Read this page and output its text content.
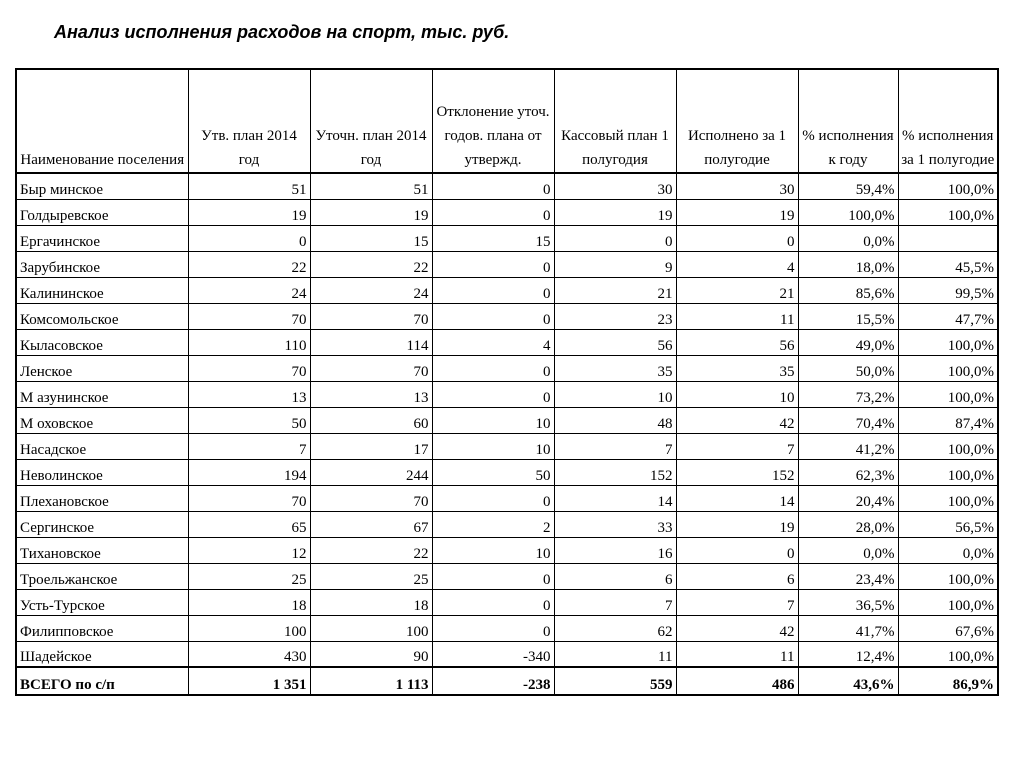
Анализ исполнения расходов на спорт, тыс. руб.
Наименование поселения	Утв. план 2014 год	Уточн. план 2014 год	Отклонение уточ. годов. плана от утвержд.	Кассовый план 1 полугодия	Исполнено за 1 полугодие	% исполнения к году	% исполнения за 1 полугодие
Быр минское	51	51	0	30	30	59,4%	100,0%
Голдыревское	19	19	0	19	19	100,0%	100,0%
Ергачинское	0	15	15	0	0	0,0%	
Зарубинское	22	22	0	9	4	18,0%	45,5%
Калининское	24	24	0	21	21	85,6%	99,5%
Комсомольское	70	70	0	23	11	15,5%	47,7%
Кыласовское	110	114	4	56	56	49,0%	100,0%
Ленское	70	70	0	35	35	50,0%	100,0%
М азунинское	13	13	0	10	10	73,2%	100,0%
М оховское	50	60	10	48	42	70,4%	87,4%
Насадское	7	17	10	7	7	41,2%	100,0%
Неволинское	194	244	50	152	152	62,3%	100,0%
Плехановское	70	70	0	14	14	20,4%	100,0%
Сергинское	65	67	2	33	19	28,0%	56,5%
Тихановское	12	22	10	16	0	0,0%	0,0%
Троельжанское	25	25	0	6	6	23,4%	100,0%
Усть-Турское	18	18	0	7	7	36,5%	100,0%
Филипповское	100	100	0	62	42	41,7%	67,6%
Шадейское	430	90	-340	11	11	12,4%	100,0%
ВСЕГО по с/п	1 351	1 113	-238	559	486	43,6%	86,9%
